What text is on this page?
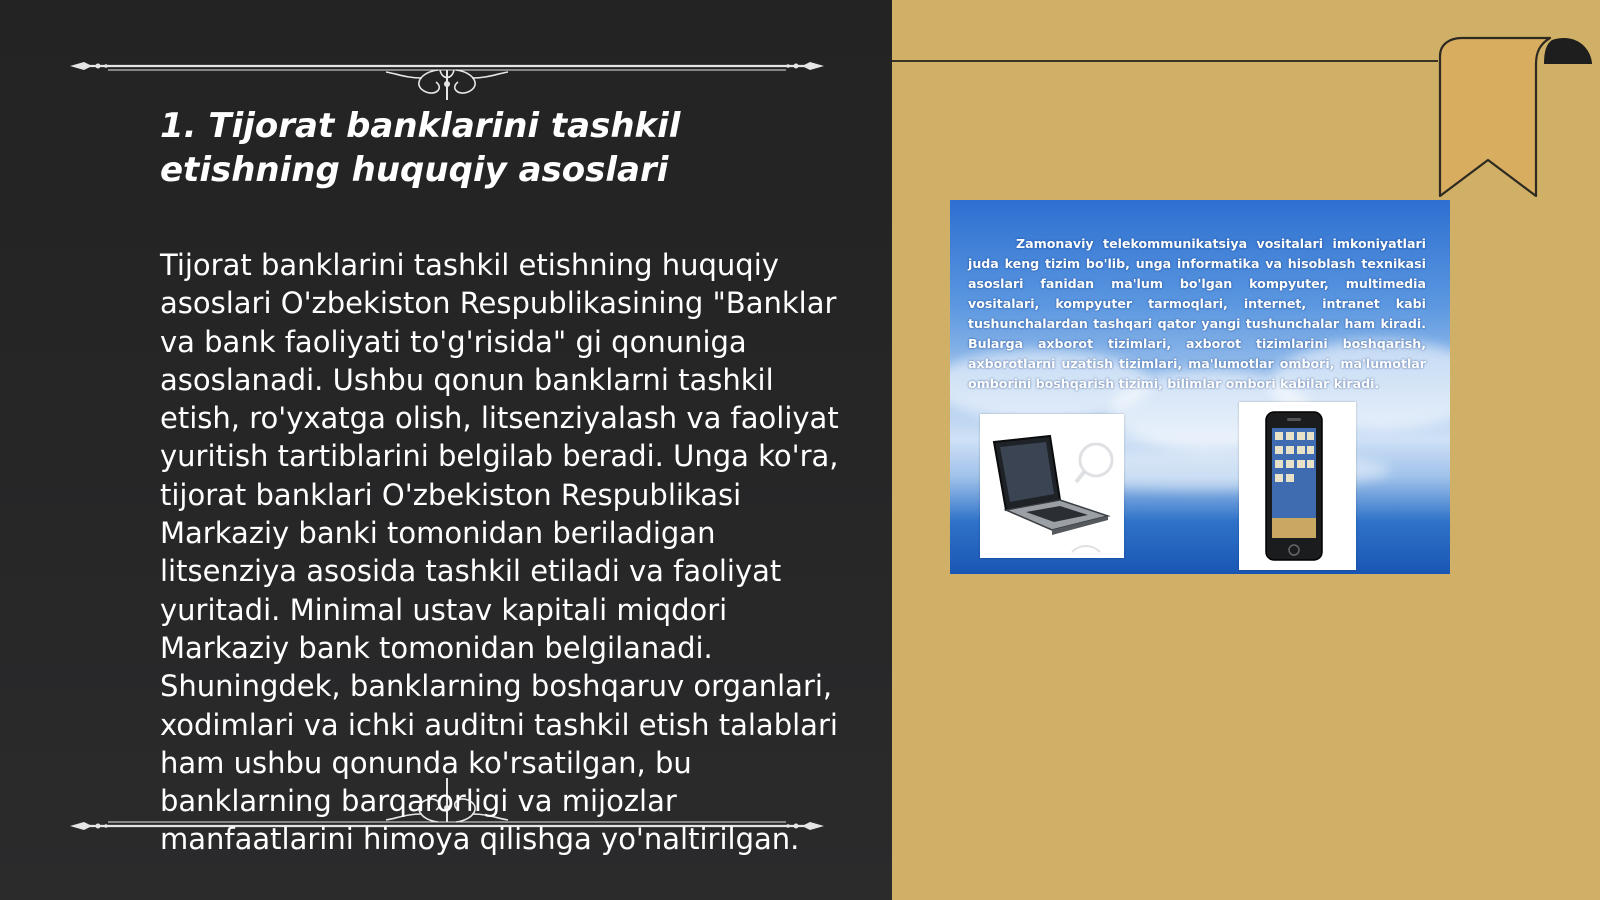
1. Tijorat banklarini tashkil etishning huquqiy asoslari

Tijorat banklarini tashkil etishning huquqiy asoslari O'zbekiston Respublikasining "Banklar va bank faoliyati to'g'risida" gi qonuniga asoslanadi. Ushbu qonun banklarni tashkil etish, ro'yxatga olish, litsenziyalash va faoliyat yuritish tartiblarini belgilab beradi. Unga ko'ra, tijorat banklari O'zbekiston Respublikasi Markaziy banki tomonidan beriladigan litsenziya asosida tashkil etiladi va faoliyat yuritadi. Minimal ustav kapitali miqdori Markaziy bank tomonidan belgilanadi. Shuningdek, banklarning boshqaruv organlari, xodimlari va ichki auditni tashkil etish talablari ham ushbu qonunda ko'rsatilgan, bu banklarning barqarorligi va mijozlar manfaatlarini himoya qilishga yo'naltirilgan.

Zamonaviy telekommunikatsiya vositalari imkoniyatlari juda keng tizim bo'lib, unga informatika va hisoblash texnikasi asoslari fanidan ma'lum bo'lgan kompyuter, multimedia vositalari, kompyuter tarmoqlari, internet, intranet kabi tushunchalardan tashqari qator yangi tushunchalar ham kiradi. Bularga axborot tizimlari, axborot tizimlarini boshqarish, axborotlarni uzatish tizimlari, ma'lumotlar ombori, ma'lumotlar omborini boshqarish tizimi, bilimlar ombori kabilar kiradi.
